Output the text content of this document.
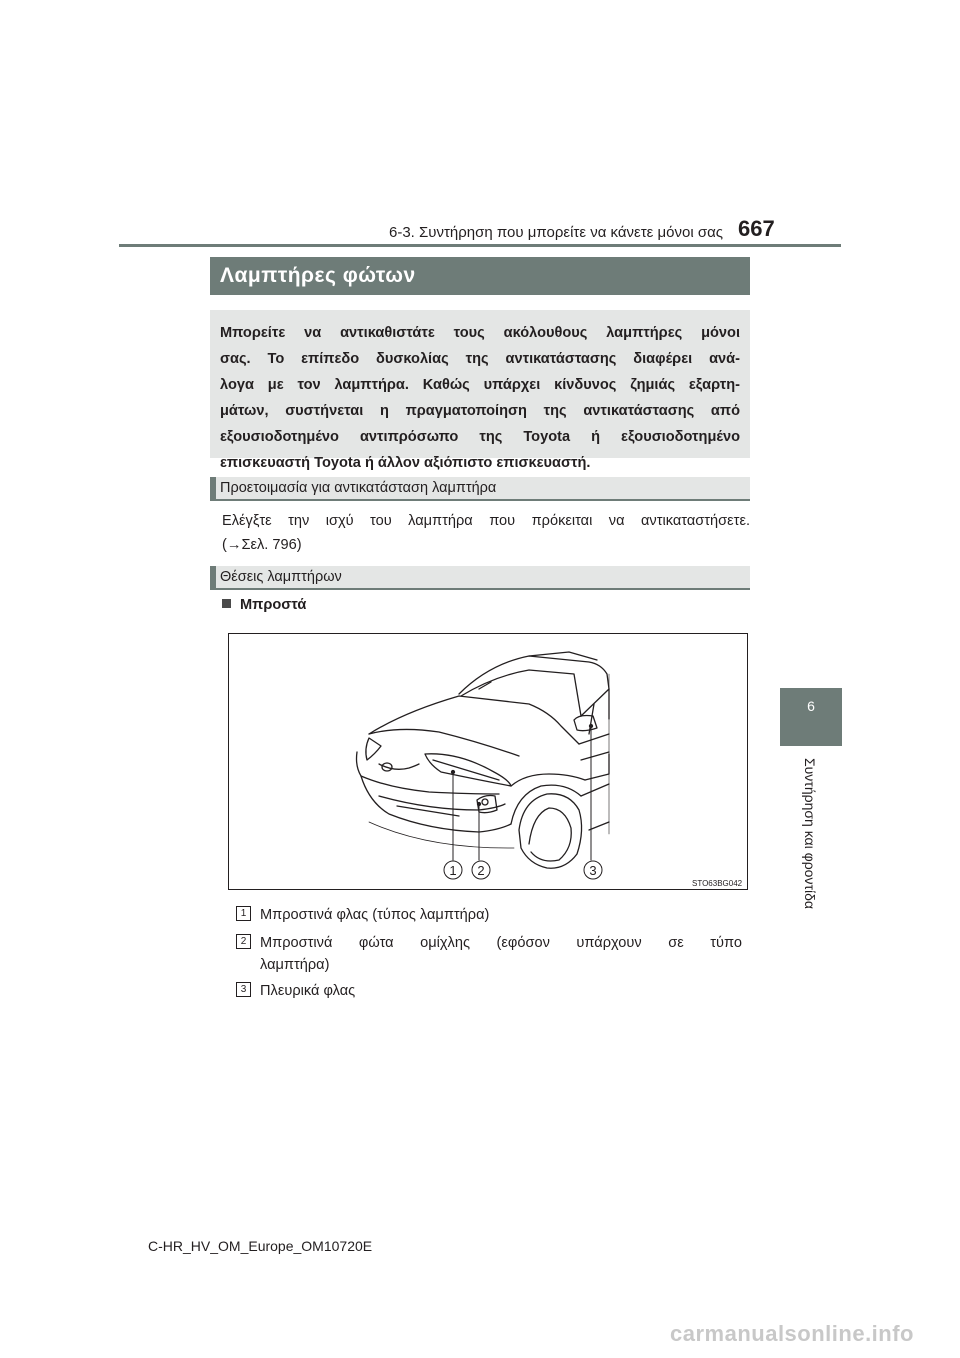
6-3. Συντήρηση που μπορείτε να κάνετε μόνοι σας 667
6
Συντήρηση και φροντίδα
Λαμπτήρες φώτων
Μπορείτε να αντικαθιστάτε τους ακόλουθους λαμπτήρες μόνοι
σας. Το επίπεδο δυσκολίας της αντικατάστασης διαφέρει ανά-
λογα με τον λαμπτήρα. Καθώς υπάρχει κίνδυνος ζημιάς εξαρτη-
μάτων, συστήνεται η πραγματοποίηση της αντικατάστασης από
εξουσιοδοτημένο αντιπρόσωπο της Toyota ή εξουσιοδοτημένο
επισκευαστή Toyota ή άλλον αξιόπιστο επισκευαστή.
Προετοιμασία για αντικατάσταση λαμπτήρα
Ελέγξτε την ισχύ του λαμπτήρα που πρόκειται να αντικαταστήσετε.
(→Σελ. 796)
Θέσεις λαμπτήρων
Μπροστά
1 2	3
STO63BG042
1 Μπροστινά φλας (τύπος λαμπτήρα)
2 Μπροστινά φώτα ομίχλης (εφόσον υπάρχουν σε τύπο
λαμπτήρα)
3 Πλευρικά φλας
C-HR_HV_OM_Europe_OM10720E
carmanualsonline.info
